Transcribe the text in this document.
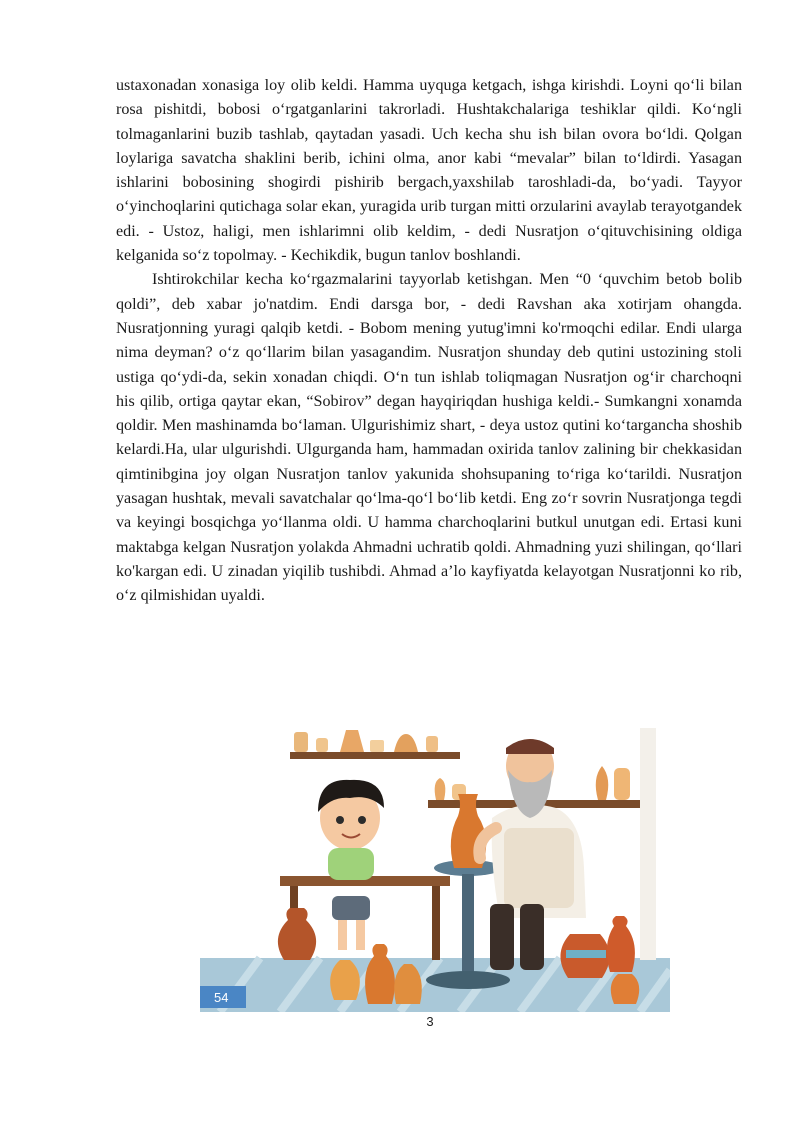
ustaxonadan xonasiga loy olib keldi. Hamma uyquga ketgach, ishga kirishdi. Loyni qo‘li bilan rosa pishitdi, bobosi o‘rgatganlarini takrorladi. Hushtakchalariga teshiklar qildi. Ko‘ngli tolmaganlarini buzib tashlab, qaytadan yasadi. Uch kecha shu ish bilan ovora bo‘ldi. Qolgan loylariga savatcha shaklini berib, ichini olma, anor kabi “mevalar” bilan to‘ldirdi. Yasagan ishlarini bobosining shogirdi pishirib bergach,yaxshilab taroshladi-da, bo‘yadi. Tayyor o‘yinchoqlarini qutichaga solar ekan, yuragida urib turgan mitti orzularini avaylab terayotgandek edi. - Ustoz, haligi, men ishlarimni olib keldim, - dedi Nusratjon o‘qituvchisining oldiga kelganida so‘z topolmay. - Kechikdik, bugun tanlov boshlandi.

Ishtirokchilar kecha ko‘rgazmalarini tayyorlab ketishgan. Men “0 ‘quvchim betob bolib qoldi”, deb xabar jo'natdim. Endi darsga bor, - dedi Ravshan aka xotirjam ohangda. Nusratjonning yuragi qalqib ketdi. - Bobom mening yutug'imni ko'rmoqchi edilar. Endi ularga nima deyman? o‘z qo‘llarim bilan yasagandim. Nusratjon shunday deb qutini ustozining stoli ustiga qo‘ydi-da, sekin xonadan chiqdi. O‘n tun ishlab toliqmagan Nusratjon og‘ir charchoqni his qilib, ortiga qaytar ekan, “Sobirov” degan hayqiriqdan hushiga keldi.- Sumkangni xonamda qoldir. Men mashinamda bo‘laman. Ulgurishimiz shart, - deya ustoz qutini ko‘targancha shoshib kelardi.Ha, ular ulgurishdi. Ulgurganda ham, hammadan oxirida tanlov zalining bir chekkasidan qimtinibgina joy olgan Nusratjon tanlov yakunida shohsupaning to‘riga ko‘tarildi. Nusratjon yasagan hushtak, mevali savatchalar qo‘lma-qo‘l bo‘lib ketdi. Eng zo‘r sovrin Nusratjonga tegdi va keyingi bosqichga yo‘llanma oldi. U hamma charchoqlarini butkul unutgan edi. Ertasi kuni maktabga kelgan Nusratjon yolakda Ahmadni uchratib qoldi. Ahmadning yuzi shilingan, qo‘llari ko'kargan edi. U zinadan yiqilib tushibdi. Ahmad a’lo kayfiyatda kelayotgan Nusratjonni ko rib, o‘z qilmishidan uyaldi.

54
3
